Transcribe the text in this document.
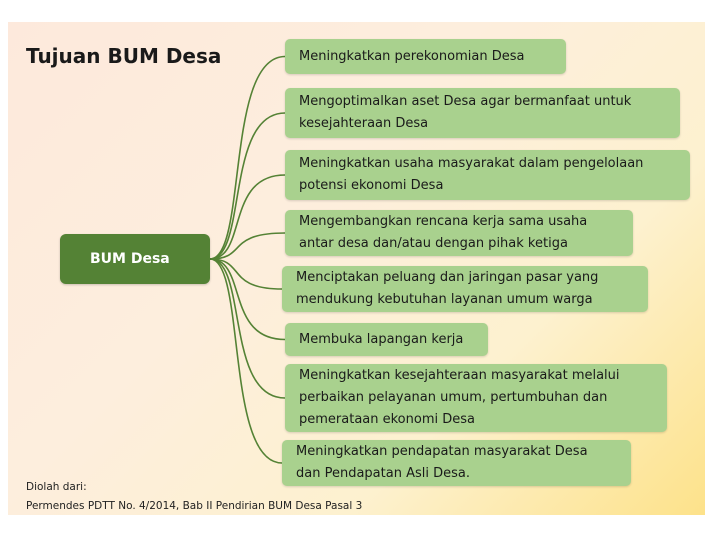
Tujuan BUM Desa
BUM Desa
Meningkatkan perekonomian Desa
Mengoptimalkan aset Desa agar bermanfaat untuk
kesejahteraan Desa
Meningkatkan usaha masyarakat dalam pengelolaan
potensi ekonomi Desa
Mengembangkan rencana kerja sama usaha
antar desa dan/atau dengan pihak ketiga
Menciptakan peluang dan jaringan pasar yang
mendukung kebutuhan layanan umum warga
Membuka lapangan kerja
Meningkatkan kesejahteraan masyarakat melalui
perbaikan pelayanan umum, pertumbuhan dan
pemerataan ekonomi Desa
Meningkatkan pendapatan masyarakat Desa
dan Pendapatan Asli Desa.
Diolah dari:
Permendes PDTT No. 4/2014, Bab II Pendirian BUM Desa Pasal 3
